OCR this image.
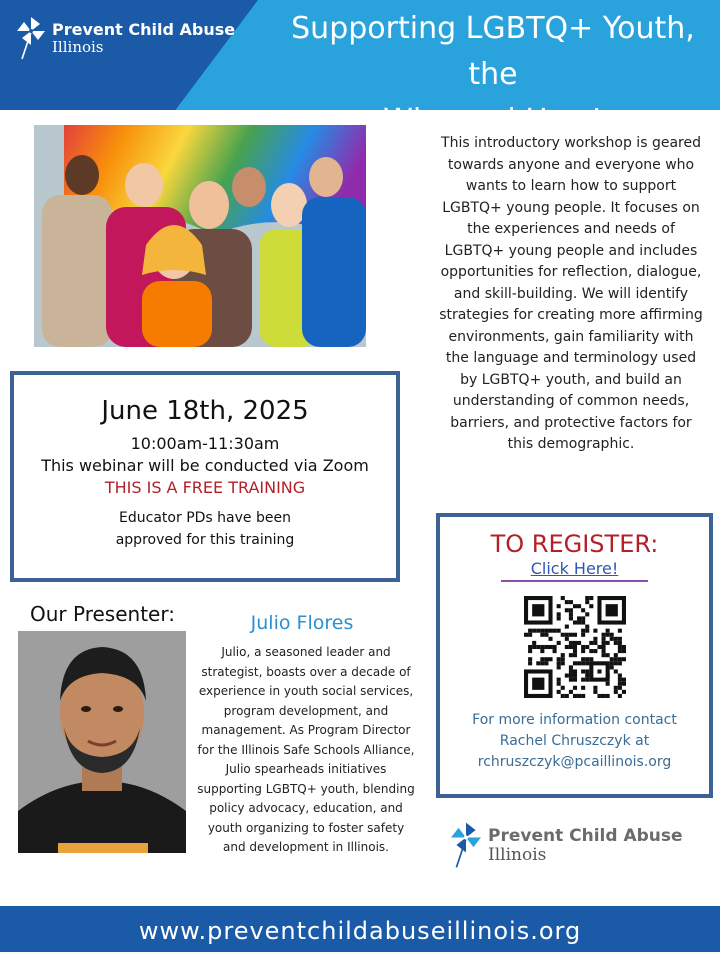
Prevent Child Abuse
Illinois
Supporting LGBTQ+ Youth, the
Why and How!
This introductory workshop is geared towards anyone and everyone who wants to learn how to support LGBTQ+ young people. It focuses on the experiences and needs of LGBTQ+ young people and includes opportunities for reflection, dialogue, and skill-building. We will identify strategies for creating more affirming environments, gain familiarity with the language and terminology used by LGBTQ+ youth, and build an understanding of common needs, barriers, and protective factors for this demographic.
June 18th, 2025
10:00am-11:30am
This webinar will be conducted via Zoom
THIS IS A FREE TRAINING
Educator PDs have been
approved for this training
Our Presenter:	Julio Flores
Julio, a seasoned leader and strategist, boasts over a decade of experience in youth social services, program development, and management. As Program Director for the Illinois Safe Schools Alliance, Julio spearheads initiatives supporting LGBTQ+ youth, blending policy advocacy, education, and youth organizing to foster safety and development in Illinois.
TO REGISTER:
Click Here!
For more information contact
Rachel Chruszczyk at
rchruszczyk@pcaillinois.org
Prevent Child Abuse
Illinois
www.preventchildabuseillinois.org
